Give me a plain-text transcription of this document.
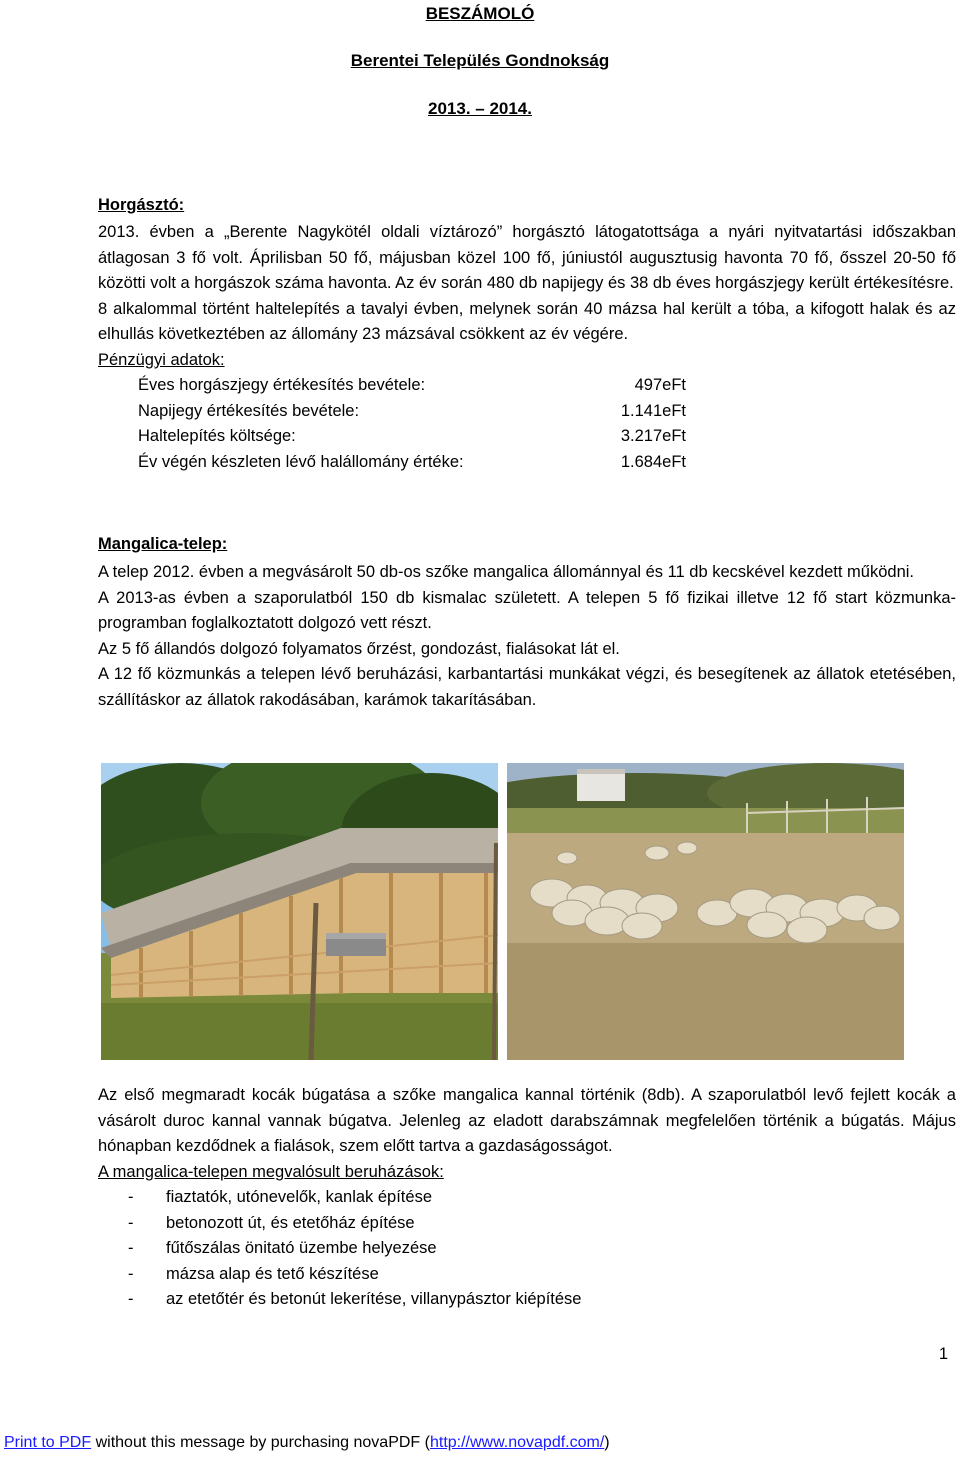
BESZÁMOLÓ
Berentei Település Gondnokság
2013. – 2014.
Horgásztó:

2013. évben a „Berente Nagykötél oldali víztározó” horgásztó látogatottsága a nyári nyitvatartási időszakban átlagosan 3 fő volt. Áprilisban 50 fő, májusban közel 100 fő, júniustól augusztusig havonta 70 fő, ősszel 20-50 fő közötti volt a horgászok száma havonta. Az év során 480 db napijegy és 38 db éves horgászjegy került értékesítésre.

8 alkalommal történt haltelepítés a tavalyi évben, melynek során 40 mázsa hal került a tóba, a kifogott halak és az elhullás következtében az állomány 23 mázsával csökkent az év végére.

Pénzügyi adatok:

Éves horgászjegy értékesítés bevétele:	497eFt
Napijegy értékesítés bevétele:	1.141eFt
Haltelepítés költsége:	3.217eFt
Év végén készleten lévő halállomány értéke:	1.684eFt
Mangalica-telep:

A telep 2012. évben a megvásárolt 50 db-os szőke mangalica állománnyal és 11 db kecskével kezdett működni.

A 2013-as évben a szaporulatból 150 db kismalac született. A telepen 5 fő fizikai illetve 12 fő start közmunka-programban foglalkoztatott dolgozó vett részt.

Az 5 fő állandós dolgozó folyamatos őrzést, gondozást, fialásokat lát el.

A 12 fő közmunkás a telepen lévő beruházási, karbantartási munkákat végzi, és besegítenek az állatok etetésében, szállításkor az állatok rakodásában, karámok takarításában.

Az első megmaradt kocák búgatása a szőke mangalica kannal történik (8db). A szaporulatból levő fejlett kocák a vásárolt duroc kannal vannak búgatva. Jelenleg az eladott darabszámnak megfelelően történik a búgatás. Május hónapban kezdődnek a fialások, szem előtt tartva a gazdaságosságot.

A mangalica-telepen megvalósult beruházások:

- fiaztatók, utónevelők, kanlak építése
- betonozott út, és etetőház építése
- fűtőszálas önitató üzembe helyezése
- mázsa alap és tető készítése
- az etetőtér és betonút lekerítése, villanypásztor kiépítése
1
Print to PDF without this message by purchasing novaPDF (http://www.novapdf.com/)
